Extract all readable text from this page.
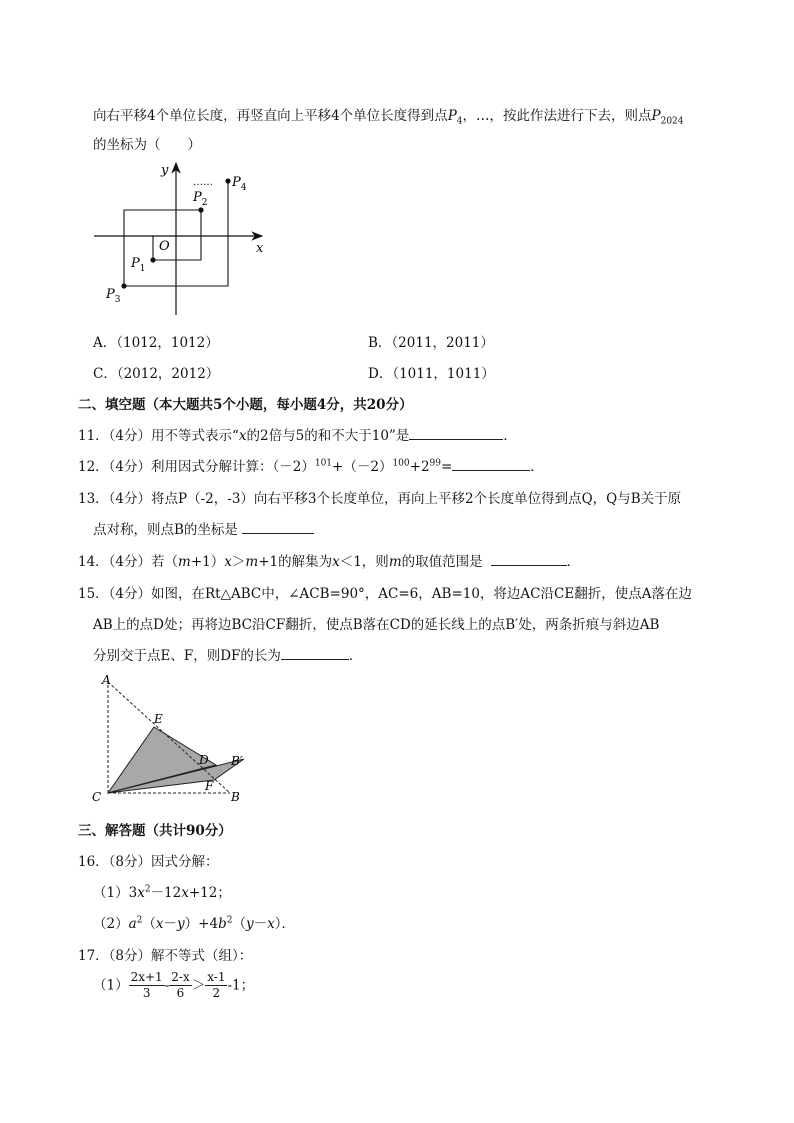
向右平移4个单位长度，再竖直向上平移4个单位长度得到点$P_4$，…，按此作法进行下去，则点$P_{2024}$
的坐标为（　　）
……
y
x
O
$P_1$
$P_2$
$P_3$
$P_4$
A．（1012，1012）	B．（2011，2011）
C．（2012，2012）	D．（1011，1011）
二、填空题（本大题共5个小题，每小题4分，共20分）
11．（4分）用不等式表示“x的2倍与5的和不大于10”是	．
12．（4分）利用因式分解计算：$(-2)^{101}+(-2)^{100}+2^{99}=$	．
13．（4分）将点P（-2，-3）向右平移3个长度单位，再向上平移2个长度单位得到点Q，Q与B关于原
点对称，则点B的坐标是
14．（4分）若（m+1）x＞m+1的解集为x＜1，则m的取值范围是	．
15．（4分）如图，在Rt△ABC中，∠ACB=90°，AC=6，AB=10，将边AC沿CE翻折，使点A落在边
AB上的点D处；再将边BC沿CF翻折，使点B落在CD的延长线上的点B′处，两条折痕与斜边AB
分别交于点E、F，则DF的长为	．
A
E
D B′
C
F
B
三、解答题（共计90分）
16．（8分）因式分解：
$(1)3x^2-12x+12$；
$(2)a^2(x-y)+4b^2(y-x)$．
17．（8分）解不等式（组）：
$(1) \frac{2x+1}{3} - \frac{2-x}{6} > \frac{x-1}{2} -1$；
